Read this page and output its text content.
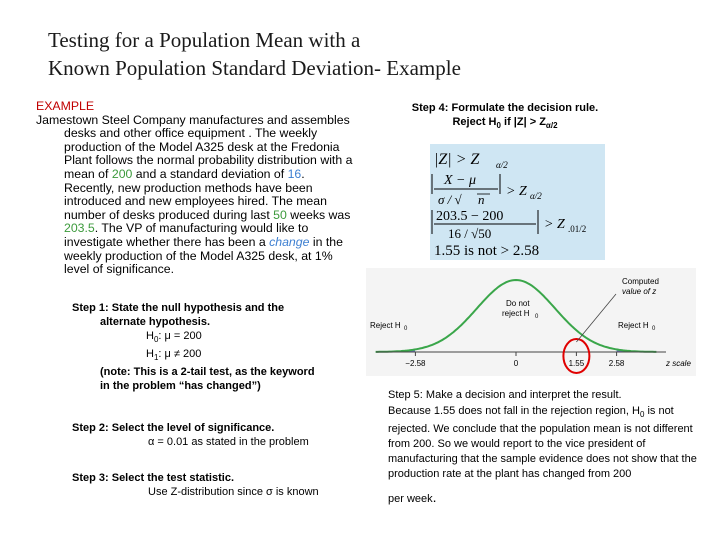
Testing for a Population Mean with a
Known Population Standard Deviation- Example
EXAMPLE
Jamestown Steel Company manufactures and assembles desks and other office equipment . The weekly production of the Model A325 desk at the Fredonia Plant follows the normal probability distribution with a mean of 200 and a standard deviation of 16. Recently, new production methods have been introduced and new employees hired. The mean number of desks produced during last 50 weeks was 203.5. The VP of manufacturing would like to investigate whether there has been a change in the weekly production of the Model A325 desk, at 1% level of significance.
Step 1: State the null hypothesis and the
alternate hypothesis.
$H_0$: μ = 200
$H_1$: μ ≠ 200
(note: This is a 2-tail test, as the keyword
in the problem “has changed”)
Step 2: Select the level of significance.
α = 0.01 as stated in the problem
Step 3: Select the test statistic.
Use Z-distribution since σ is known
Step 4: Formulate the decision rule.
Reject $H_0$ if $|Z| > Z_{\alpha/2}$
|Z| > Z α/2
X − μ
σ / √ n
> Z α/2
203.5 − 200
16 / √50
> Z .01/2
1.55 is not > 2.58
−2.58	0	1.55	2.58	z scale
Computed
value of z
Do not
reject H 0
Reject H 0	Reject H 0
Step 5: Make a decision and interpret the result.
Because 1.55 does not fall in the rejection region, $H_0$ is not rejected. We conclude that the population mean is not different from 200. So we would report to the vice president of manufacturing that the sample evidence does not show that the production rate at the plant has changed from 200
per week.
